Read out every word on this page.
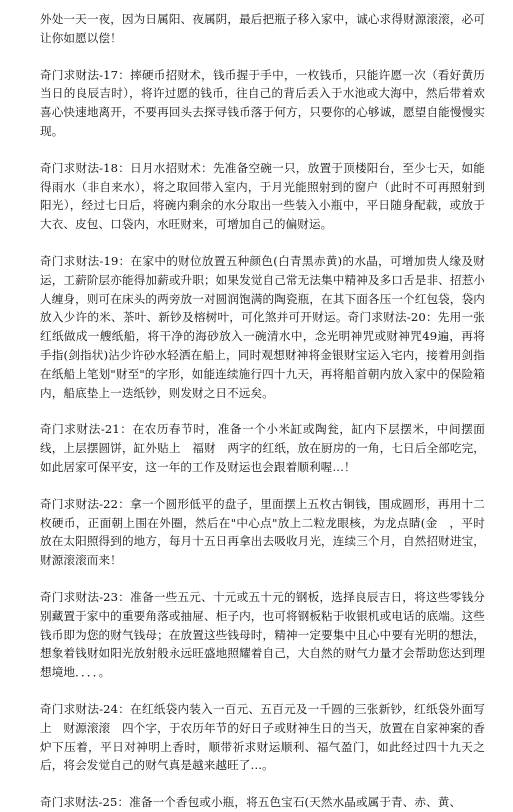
外处一天一夜，因为日属阳、夜属阴，最后把瓶子移入家中，诚心求得财源滚滚，必可让你如愿以偿！

奇门求财法-17：摔硬币招财术，钱币握于手中，一枚钱币，只能许愿一次（看好黄历当日的良辰吉时），将许过愿的钱币，往自己的背后丢入于水池或大海中，然后带着欢喜心快速地离开，不要再回头去探寻钱币落于何方，只要你的心够诚，愿望自能慢慢实现。

奇门求财法-18：日月水招财术：先准备空碗一只，放置于顶楼阳台，至少七天，如能得雨水（非自来水），将之取回带入室内，于月光能照射到的窗户（此时不可再照射到阳光），经过七日后，将碗内剩余的水分取出一些装入小瓶中，平日随身配载，或放于大衣、皮包、口袋内，水旺财来，可增加自己的偏财运。

奇门求财法-19：在家中的财位放置五种颜色(白青黑赤黄)的水晶，可增加贵人缘及财运，工薪阶层亦能得加薪或升职；如果发觉自己常无法集中精神及多口舌是非、招惹小人缠身，则可在床头的两旁放一对圆润饱满的陶瓷瓶，在其下面各压一个红包袋，袋内放入少许的米、茶叶、新钞及榕树叶，可化煞并可开财运。奇门求财法-20：先用一张红纸做成一艘纸船，将干净的海砂放入一碗清水中，念光明神咒或财神咒49遍，再将手指(剑指状)沾少许砂水轻洒在船上，同时观想财神将金银财宝运入宅内，接着用剑指在纸船上笔划"财至"的字形，如能连续施行四十九天，再将船首朝内放入家中的保险箱内，船底垫上一迭纸钞，则发财之日不远矣。

奇门求财法-21：在农历春节时，准备一个小米缸或陶瓮，缸内下层摆米，中间摆面线，上层摆圆饼，缸外贴上　福财　两字的红纸，放在厨房的一角，七日后全部吃完，如此居家可保平安，这一年的工作及财运也会跟着顺利喔…！

奇门求财法-22：拿一个圆形低平的盘子，里面摆上五枚古铜钱，围成圆形，再用十二枚硬币，正面朝上围在外圈，然后在"中心点"放上二粒龙眼核，为龙点睛(金　，平时放在太阳照得到的地方，每月十五日再拿出去吸收月光，连续三个月，自然招财进宝，财源滚滚而来！

奇门求财法-23：准备一些五元、十元或五十元的钢板，选择良辰吉日，将这些零钱分别藏置于家中的重要角落或抽屉、柜子内，也可将钢板粘于收银机或电话的底端。这些钱币即为您的财气钱母；在放置这些钱母时，精神一定要集中且心中要有光明的想法，想象着钱财如阳光放射般永远旺盛地照耀着自己，大自然的财气力量才会帮助您达到理想境地．．．．。

奇门求财法-24：在红纸袋内装入一百元、五百元及一千圆的三张新钞，红纸袋外面写上　财源滚滚　四个字，于农历年节的好日子或财神生日的当天，放置在自家神案的香炉下压着，平日对神明上香时，顺带祈求财运顺利、福气盈门，如此经过四十九天之后，将会发觉自己的财气真是越来越旺了…。

奇门求财法-25：准备一个香包或小瓶，将五色宝石(天然水晶或属于青、赤、黄、
